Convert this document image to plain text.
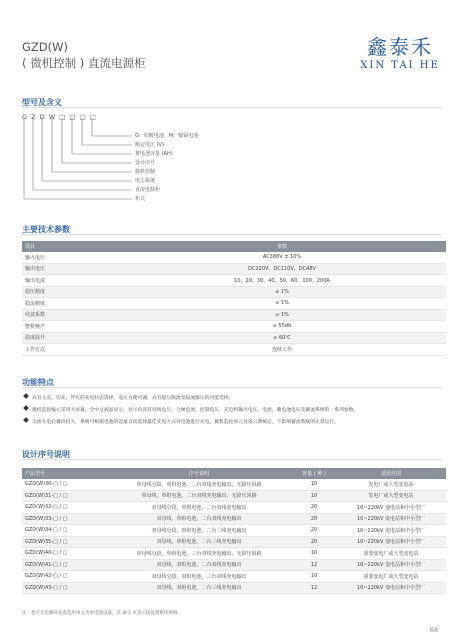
GZD(W)
( 微机控制 ) 直流电源柜
鑫泰禾
XIN TAI HE
型号及含义
G Z D W □ □ □ □
G：铅酸电池；M：镍镉电池
额定电压 (V)
蓄电池容量 (AH)
设计序号
微机控制
电力系统
直流电源柜
柜式
主要技术参数
项目	参数
输入电压	AC380V ± 10%
输出电压	DC220V、DC110V、DC48V
输出电流	10、20、30、40、50、60、100、200A
稳压精度	≤ 1%
稳流精度	≤ 1%
纹波系数	≤ 1%
整机噪声	≤ 55db
温度温升	≤ 60℃
工作方式	连续工作
功能特点
具有主充、均充、浮充的充电状态选择，电压方便可调，具有稳压限流及稳流限压的功能选择。
微机监控编元采用大屏幕，全中文液晶显示，显示内容有母线电压，合闸电流，控制电压，充电机输出电压，电流，蓄电池电压及蓄流系统的一系列参数。
交流失电后蓄段投入，系统可根据电池的容量自动选择最佳充电方式对电池进行充电。微机监控单元具备云系统后，不影响蓄流系统的正常运行。
设计序号说明
产品型号	序号说明	容量 ( 种 )	适用范围
GZD(W)30-□ / □	单母线分段、单组电池、二台双线充电输出，无降压回路	10	发电厂或大型变电站
GZD(W)31-□ / □	单母线，单组电池，二台双线充电输出，无降压回路	10	发电厂或大型变电站
GZD(W)32-□ / □	双母线分段，单组电池，二台双线充电输出	20	10~220kV 变电站和中小型厂
GZD(W)33-□ / □	双母线，单组电池，二台双线充电输出	20	10~220kV 变电站和中小型厂
GZD(W)34-□ / □	双母线分段，单组电池，二台三线充电输出	20	10~220kV 变电站和中小型厂
GZD(W)35-□ / □	双母线，单组电池，二台三线充电输出	20	10~220kV 变电站和中小型厂
GZD(W)40-□ / □	单母线分段，单组电池，三台双线充电输出，无降压回路	10	重要变电厂或大型变电站
GZD(W)41-□ / □	双母线，双组电池，二台双线充电输出	12	10~220kV 变电站和中小型厂
GZD(W)42-□ / □	双母线分段，双组电池，三台双线充电输出	10	重要变电厂或大型变电站
GZD(W)43-□ / □	双母线，双组电池，二台三线充电输出	12	10~220kV 变电站和中小型厂
注：也可无电模块充电选用单元为单电池设备，有 III-1 页表示按设置模块规格。
68
